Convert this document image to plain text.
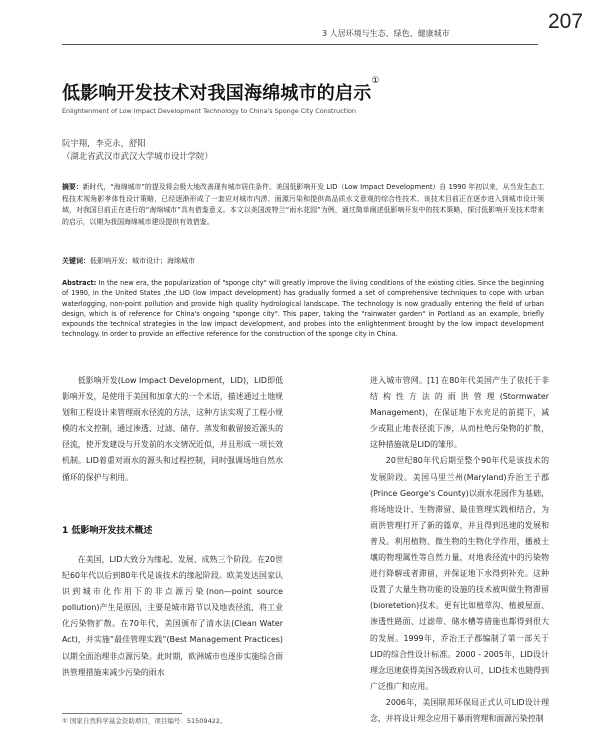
3 人居环境与生态、绿色、健康城市
207
低影响开发技术对我国海绵城市的启示①
Enlightenment of Low Impact Development Technology to China's Sponge City Construction
阮宇翔，李克永，舒阳
（湖北省武汉市武汉大学城市设计学院）
摘要：新时代，“海绵城市”的提及将会极大地改善现有城市居住条件。美国低影响开发 LID（Low Impact Development）自 1990 年初以来，从当发生态工程技术视角影孝体性设计策略，已经逐渐形成了一套应对城市内涝、面源污染和提供高品质水文意观的综合性技术。该技术目前正在逐步进入到城市设计领域，对我国目前正在进行的“海绵城市”具有借鉴意义。本文以美国波特兰“雨水花园”为例，通过简单阐述低影响开发中的技术策略，探讨低影响开发技术带来的启示，以期为我国海绵城市建设提供有效借鉴。
关键词：低影响开发；城市设计；海绵城市
Abstract: In the new era, the popularization of "sponge city" will greatly improve the living conditions of the existing cities. Since the beginning of 1990, in the United States ,the LID (low impact development) has gradually formed a set of comprehensive techniques to cope with urban waterlogging, non-point pollution and provide high quality hydrological landscape. The technology is now gradually entering the field of urban design, which is of reference for China's ongoing "sponge city". This paper, taking the "rainwater garden" in Portland as an example, briefly expounds the technical strategies in the low impact development, and probes into the enlightenment brought by the low impact development technology. In order to provide an effective reference for the construction of the sponge city in China.

低影响开发(Low Impact Development，LID)，LID即低影响开发，是使用于美国和加拿大的一个术语，描述通过土地规划和工程设计来管理雨水径流的方法，这种方法实现了工程小规模的水文控制，通过渗透、过滤、储存、蒸发和截留接近源头的径流，使开发建设与开发前的水文情况近似，并且形成一项长效机制。LID着重对雨水的源头和过程控制，同时强调场地自然水循环的保护与利用。

1 低影响开发技术概述

在美国，LID大致分为缘起、发展、成熟三个阶段。在20世纪60年代以后到80年代是该技术的缘起阶段。欧美发达国家认识到城市化作用下的非点源污染(non—point source pollution)产生是原因，主要是城市路节以及地表径流，将工业化污染物扩散。在70年代，美国颁布了清水法(Clean Water Act)，并实施“最佳管理实践”(Best Management Practices)以期全面治理非点源污染。此时期，欧洲城市也逐步实施综合雨洪管理措施来减少污染的雨水

进入城市管网。[1] 在80年代美国产生了依托于非结构性方法的雨洪管理(Stormwater Management)，在保证地下水充足的前提下，减少或阻止地表径流下渗，从而杜绝污染物的扩散，这种措施就是LID的雏形。

20世纪80年代后期至整个90年代是该技术的发展阶段。美国马里兰州(Maryland)乔治王子郡(Prince George's County)以雨水花园作为基础，将场地设计、生物滞留、最佳管理实践相结合，为雨洪管理打开了新的篇章，并且得到迅速的发展和普及。利用植物、微生物的生物化学作用，播被土壤的物理属性等自然力量，对地表径流中的污染物进行降解或者滞留，并保证地下水得到补充。这种设置了大量生物功能的设施的技术被叫做生物滞留(bioretetion)技术。更有比如植草沟、植被屋面、渗透性路面、过滤带、储水槽等措施也都得到很大的发展。1999年，乔治王子郡编制了第一部关于LID的综合性设计标准。2000 - 2005年，LID设计理念迅速获得美国各级政府认可，LID技术也随得到广泛推广和应用。

2006年，美国联邦环保局正式认可LID设计理念，并将设计理念应用于暴雨管理和面源污染控制

① 国家自然科学基金资助项目，项目编号：51509422。
